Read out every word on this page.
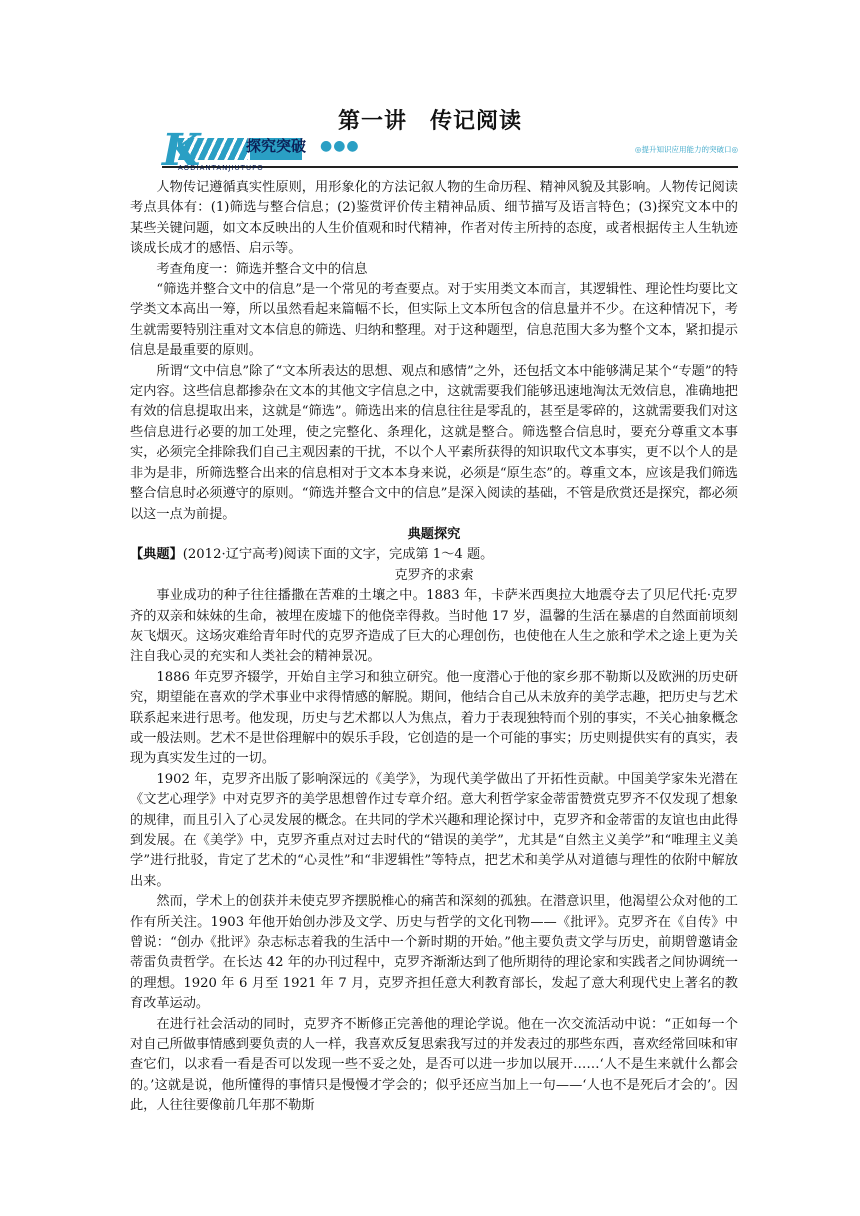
第一讲　传记阅读
K	探究突破 ●●●
AODIANTANJIUTUPO
◎提升知识应用能力的突破口◎

人物传记遵循真实性原则，用形象化的方法记叙人物的生命历程、精神风貌及其影响。人物传记阅读考点具体有：(1)筛选与整合信息；(2)鉴赏评价传主精神品质、细节描写及语言特色；(3)探究文本中的某些关键问题，如文本反映出的人生价值观和时代精神，作者对传主所持的态度，或者根据传主人生轨迹谈成长成才的感悟、启示等。

考查角度一：筛选并整合文中的信息

“筛选并整合文中的信息”是一个常见的考查要点。对于实用类文本而言，其逻辑性、理论性均要比文学类文本高出一筹，所以虽然看起来篇幅不长，但实际上文本所包含的信息量并不少。在这种情况下，考生就需要特别注重对文本信息的筛选、归纳和整理。对于这种题型，信息范围大多为整个文本，紧扣提示信息是最重要的原则。

所谓“文中信息”除了“文本所表达的思想、观点和感情”之外，还包括文本中能够满足某个“专题”的特定内容。这些信息都掺杂在文本的其他文字信息之中，这就需要我们能够迅速地淘汰无效信息，准确地把有效的信息提取出来，这就是“筛选”。筛选出来的信息往往是零乱的，甚至是零碎的，这就需要我们对这些信息进行必要的加工处理，使之完整化、条理化，这就是整合。筛选整合信息时，要充分尊重文本事实，必须完全排除我们自己主观因素的干扰，不以个人平素所获得的知识取代文本事实，更不以个人的是非为是非，所筛选整合出来的信息相对于文本本身来说，必须是“原生态”的。尊重文本，应该是我们筛选整合信息时必须遵守的原则。“筛选并整合文中的信息”是深入阅读的基础，不管是欣赏还是探究，都必须以这一点为前提。

典题探究

【典题】(2012·辽宁高考)阅读下面的文字，完成第 1～4 题。

克罗齐的求索

事业成功的种子往往播撒在苦难的土壤之中。1883 年，卡萨米西奥拉大地震夺去了贝尼代托·克罗齐的双亲和妹妹的生命，被埋在废墟下的他侥幸得救。当时他 17 岁，温馨的生活在暴虐的自然面前顷刻灰飞烟灭。这场灾难给青年时代的克罗齐造成了巨大的心理创伤，也使他在人生之旅和学术之途上更为关注自我心灵的充实和人类社会的精神景况。

1886 年克罗齐辍学，开始自主学习和独立研究。他一度潜心于他的家乡那不勒斯以及欧洲的历史研究，期望能在喜欢的学术事业中求得情感的解脱。期间，他结合自己从未放弃的美学志趣，把历史与艺术联系起来进行思考。他发现，历史与艺术都以人为焦点，着力于表现独特而个别的事实，不关心抽象概念或一般法则。艺术不是世俗理解中的娱乐手段，它创造的是一个可能的事实；历史则提供实有的真实，表现为真实发生过的一切。

1902 年，克罗齐出版了影响深远的《美学》，为现代美学做出了开拓性贡献。中国美学家朱光潜在《文艺心理学》中对克罗齐的美学思想曾作过专章介绍。意大利哲学家金蒂雷赞赏克罗齐不仅发现了想象的规律，而且引入了心灵发展的概念。在共同的学术兴趣和理论探讨中，克罗齐和金蒂雷的友谊也由此得到发展。在《美学》中，克罗齐重点对过去时代的“错误的美学”，尤其是“自然主义美学”和“唯理主义美学”进行批驳，肯定了艺术的“心灵性”和“非逻辑性”等特点，把艺术和美学从对道德与理性的依附中解放出来。

然而，学术上的创获并未使克罗齐摆脱椎心的痛苦和深刻的孤独。在潜意识里，他渴望公众对他的工作有所关注。1903 年他开始创办涉及文学、历史与哲学的文化刊物——《批评》。克罗齐在《自传》中曾说：“创办《批评》杂志标志着我的生活中一个新时期的开始。”他主要负责文学与历史，前期曾邀请金蒂雷负责哲学。在长达 42 年的办刊过程中，克罗齐渐渐达到了他所期待的理论家和实践者之间协调统一的理想。1920 年 6 月至 1921 年 7 月，克罗齐担任意大利教育部长，发起了意大利现代史上著名的教育改革运动。

在进行社会活动的同时，克罗齐不断修正完善他的理论学说。他在一次交流活动中说：“正如每一个对自己所做事情感到要负责的人一样，我喜欢反复思索我写过的并发表过的那些东西，喜欢经常回味和审查它们，以求看一看是否可以发现一些不妥之处，是否可以进一步加以展开……‘人不是生来就什么都会的。’这就是说，他所懂得的事情只是慢慢才学会的；似乎还应当加上一句——‘人也不是死后才会的’。因此，人往往要像前几年那不勒斯
